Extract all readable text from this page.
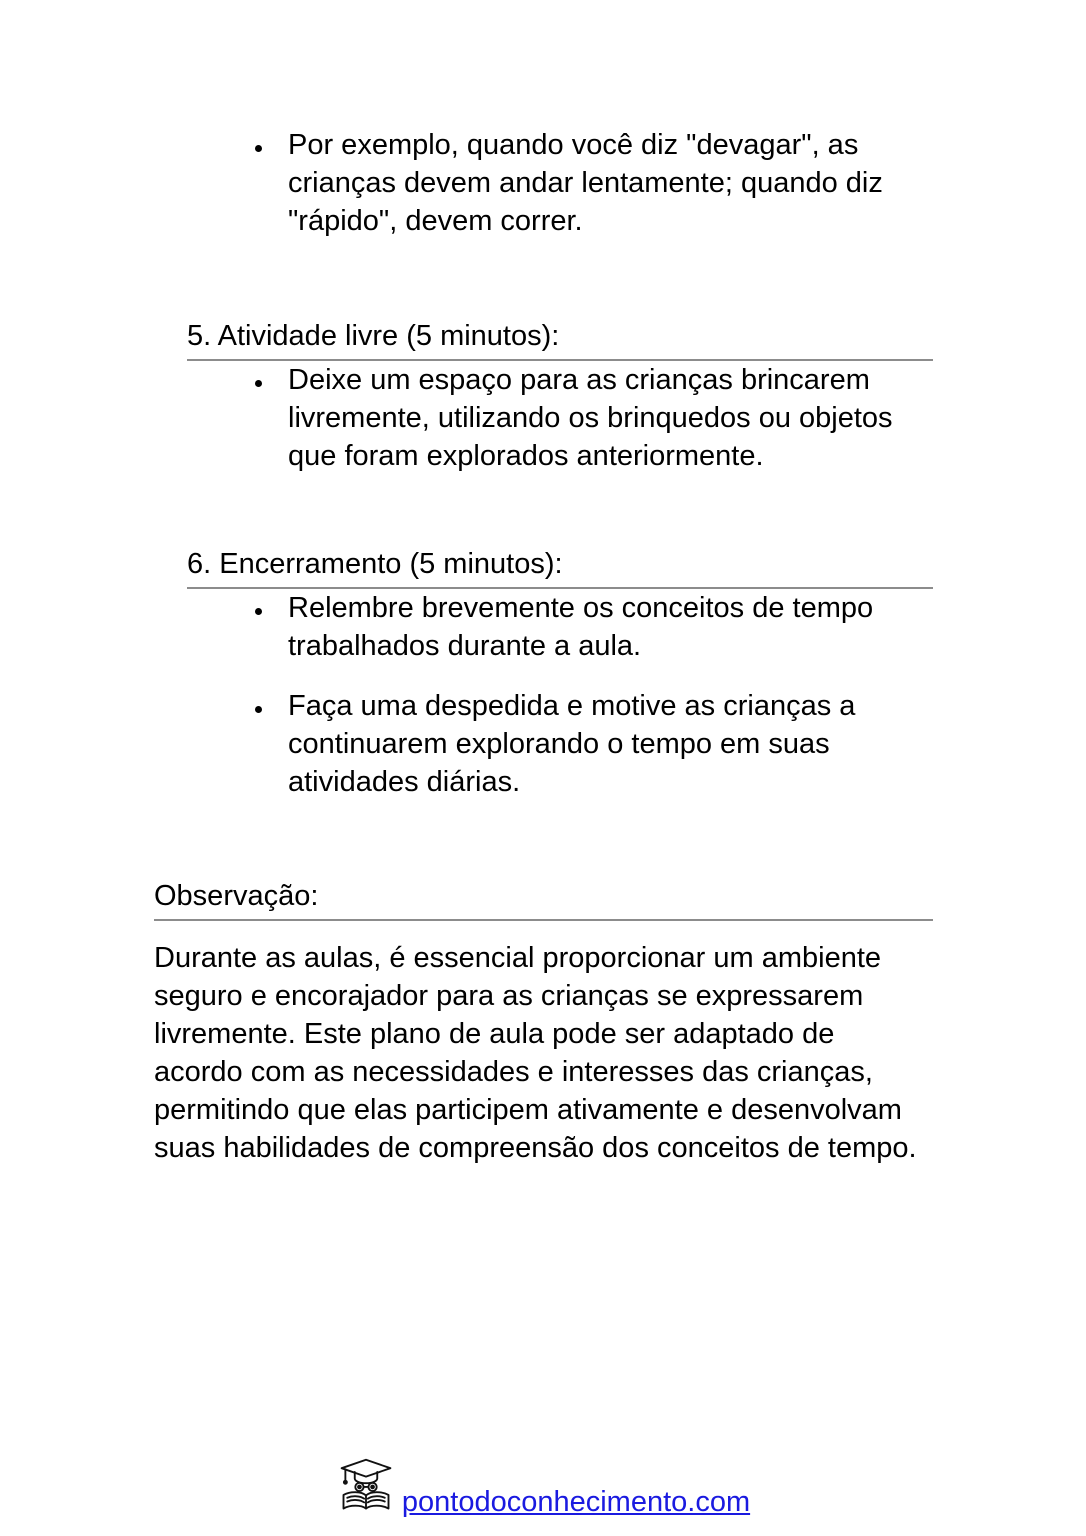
Por exemplo, quando você diz "devagar", as crianças devem andar lentamente; quando diz "rápido", devem correr.
5. Atividade livre (5 minutos):
Deixe um espaço para as crianças brincarem livremente, utilizando os brinquedos ou objetos que foram explorados anteriormente.
6. Encerramento (5 minutos):
Relembre brevemente os conceitos de tempo trabalhados durante a aula.
Faça uma despedida e motive as crianças a continuarem explorando o tempo em suas atividades diárias.
Observação:

Durante as aulas, é essencial proporcionar um ambiente seguro e encorajador para as crianças se expressarem livremente. Este plano de aula pode ser adaptado de acordo com as necessidades e interesses das crianças, permitindo que elas participem ativamente e desenvolvam suas habilidades de compreensão dos conceitos de tempo.

pontodoconhecimento.com
